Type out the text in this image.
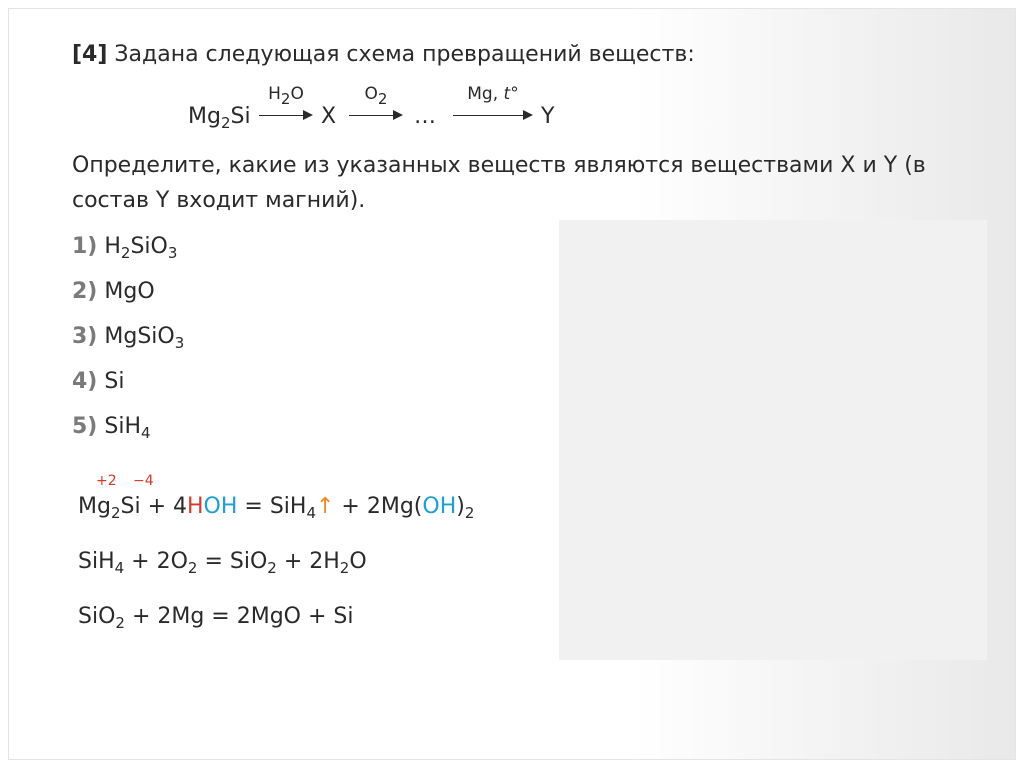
[4] Задана следующая схема превращений веществ:
$Mg_2Si$
$H_2O$
X
$O_2$
…
Mg, t°
Y
Определите, какие из указанных веществ являются веществами X и Y (в
состав Y входит магний).
1) $H_2SiO_3$
2) MgO
3) MgSiO$_3$
4) Si
5) SiH$_4$
+2 −4
$Mg_2Si + 4HOH$ = SiH$_4$↑ + $2Mg(OH)_2$
$SiH_4 + 2O_2 = SiO_2 + 2H_2O$
SiO$_2$ + 2Mg = 2MgO + Si
